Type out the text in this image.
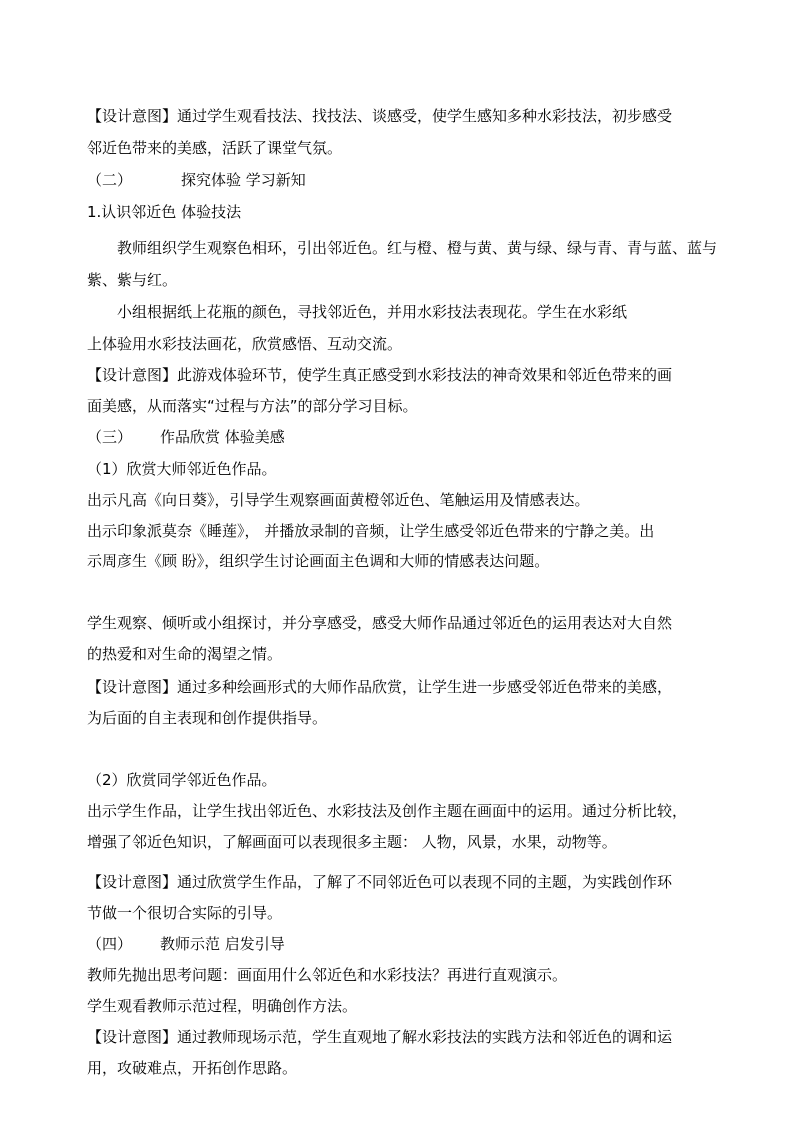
【设计意图】通过学生观看技法、找技法、谈感受，使学生感知多种水彩技法，初步感受
邻近色带来的美感，活跃了课堂气氛。
（二）	探究体验 学习新知
1.认识邻近色 体验技法
教师组织学生观察色相环，引出邻近色。红与橙、橙与黄、黄与绿、绿与青、青与蓝、蓝与
紫、紫与红。
小组根据纸上花瓶的颜色，寻找邻近色，并用水彩技法表现花。学生在水彩纸
上体验用水彩技法画花，欣赏感悟、互动交流。
【设计意图】此游戏体验环节，使学生真正感受到水彩技法的神奇效果和邻近色带来的画
面美感，从而落实“过程与方法”的部分学习目标。
（三） 作品欣赏 体验美感
（1）欣赏大师邻近色作品。
出示凡高《向日葵》，引导学生观察画面黄橙邻近色、笔触运用及情感表达。
出示印象派莫奈《睡莲》， 并播放录制的音频，让学生感受邻近色带来的宁静之美。出
示周彦生《顾 盼》，组织学生讨论画面主色调和大师的情感表达问题。
学生观察、倾听或小组探讨，并分享感受，感受大师作品通过邻近色的运用表达对大自然
的热爱和对生命的渴望之情。
【设计意图】通过多种绘画形式的大师作品欣赏，让学生进一步感受邻近色带来的美感，
为后面的自主表现和创作提供指导。
（2）欣赏同学邻近色作品。
出示学生作品，让学生找出邻近色、水彩技法及创作主题在画面中的运用。通过分析比较，
增强了邻近色知识，了解画面可以表现很多主题： 人物，风景，水果，动物等。
【设计意图】通过欣赏学生作品，了解了不同邻近色可以表现不同的主题，为实践创作环
节做一个很切合实际的引导。
（四） 教师示范 启发引导
教师先抛出思考问题：画面用什么邻近色和水彩技法？再进行直观演示。
学生观看教师示范过程，明确创作方法。
【设计意图】通过教师现场示范，学生直观地了解水彩技法的实践方法和邻近色的调和运
用，攻破难点，开拓创作思路。
